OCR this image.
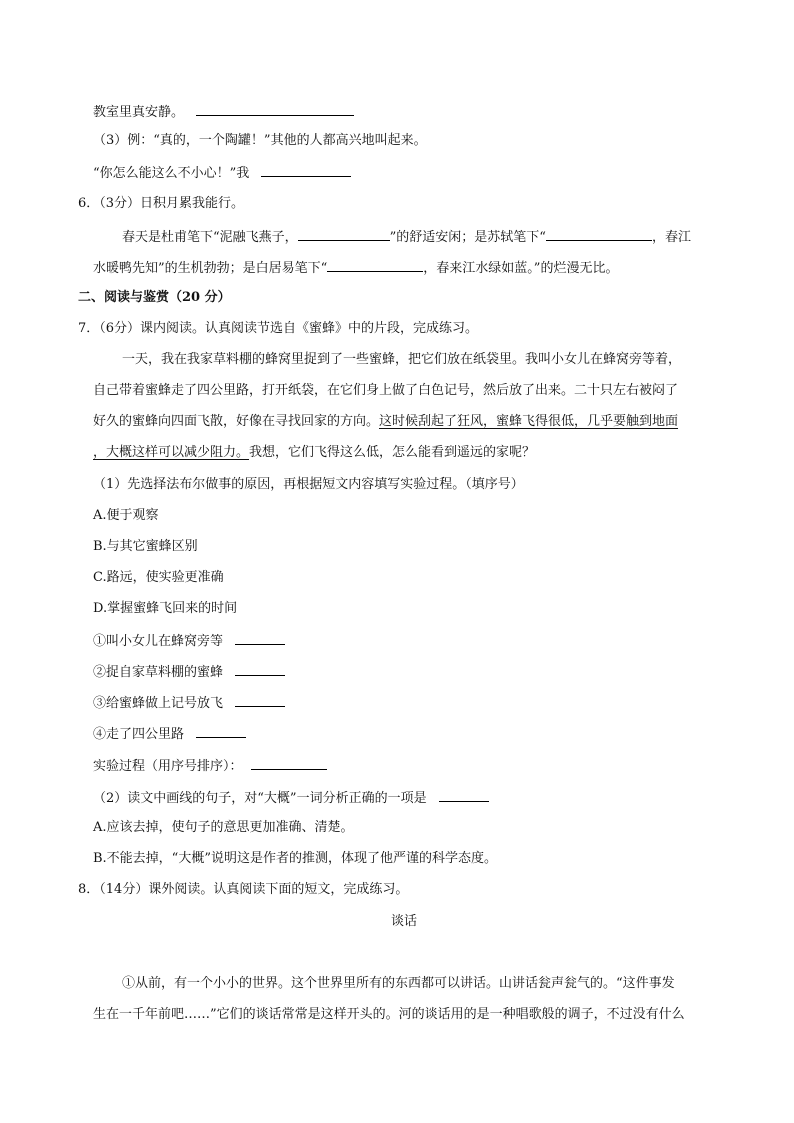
教室里真安静。
（3）例：“真的，一个陶罐！”其他的人都高兴地叫起来。
“你怎么能这么不小心！”我
6．（3分）日积月累我能行。
春天是杜甫笔下“泥融飞燕子，	”的舒适安闲；是苏轼笔下“	，春江
水暖鸭先知”的生机勃勃；是白居易笔下“	，春来江水绿如蓝。”的烂漫无比。
二、阅读与鉴赏（20 分）
7．（6分）课内阅读。认真阅读节选自《蜜蜂》中的片段，完成练习。
一天，我在我家草料棚的蜂窝里捉到了一些蜜蜂，把它们放在纸袋里。我叫小女儿在蜂窝旁等着，
自己带着蜜蜂走了四公里路，打开纸袋，在它们身上做了白色记号，然后放了出来。二十只左右被闷了
好久的蜜蜂向四面飞散，好像在寻找回家的方向。这时候刮起了狂风，蜜蜂飞得很低，几乎要触到地面
，大概这样可以减少阻力。我想，它们飞得这么低，怎么能看到遥远的家呢？
（1）先选择法布尔做事的原因，再根据短文内容填写实验过程。（填序号）
A.便于观察
B.与其它蜜蜂区别
C.路远，使实验更准确
D.掌握蜜蜂飞回来的时间
①叫小女儿在蜂窝旁等
②捉自家草料棚的蜜蜂
③给蜜蜂做上记号放飞
④走了四公里路
实验过程（用序号排序）：
（2）读文中画线的句子，对“大概”一词分析正确的一项是
A.应该去掉，使句子的意思更加准确、清楚。
B.不能去掉，“大概”说明这是作者的推测，体现了他严谨的科学态度。
8．（14分）课外阅读。认真阅读下面的短文，完成练习。
谈话
①从前，有一个小小的世界。这个世界里所有的东西都可以讲话。山讲话瓮声瓮气的。“这件事发
生在一千年前吧……”它们的谈话常常是这样开头的。河的谈话用的是一种唱歌般的调子，不过没有什么
